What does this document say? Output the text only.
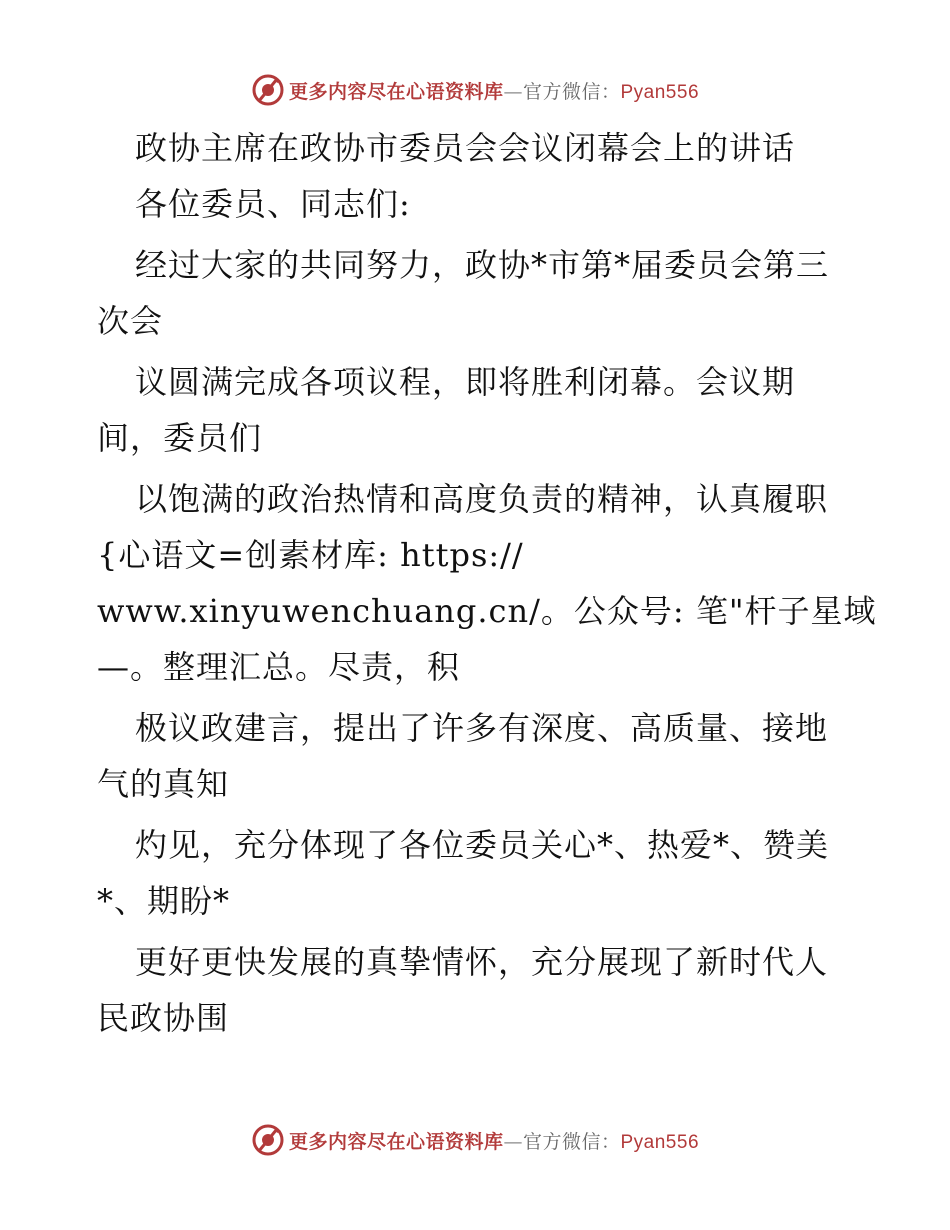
更多内容尽在心语资料库—官方微信：Pyan556
政协主席在政协市委员会会议闭幕会上的讲话
各位委员、同志们:
经过大家的共同努力，政协*市第*届委员会第三
次会
议圆满完成各项议程，即将胜利闭幕。会议期
间，委员们
以饱满的政治热情和高度负责的精神，认真履职
{心语文=创素材库: https://
www.xinyuwenchuang.cn/。公众号: 笔"杆子星域
—。整理汇总。尽责，积
极议政建言，提出了许多有深度、高质量、接地
气的真知
灼见，充分体现了各位委员关心*、热爱*、赞美
*、期盼*
更好更快发展的真挚情怀，充分展现了新时代人
民政协围
更多内容尽在心语资料库—官方微信：Pyan556
